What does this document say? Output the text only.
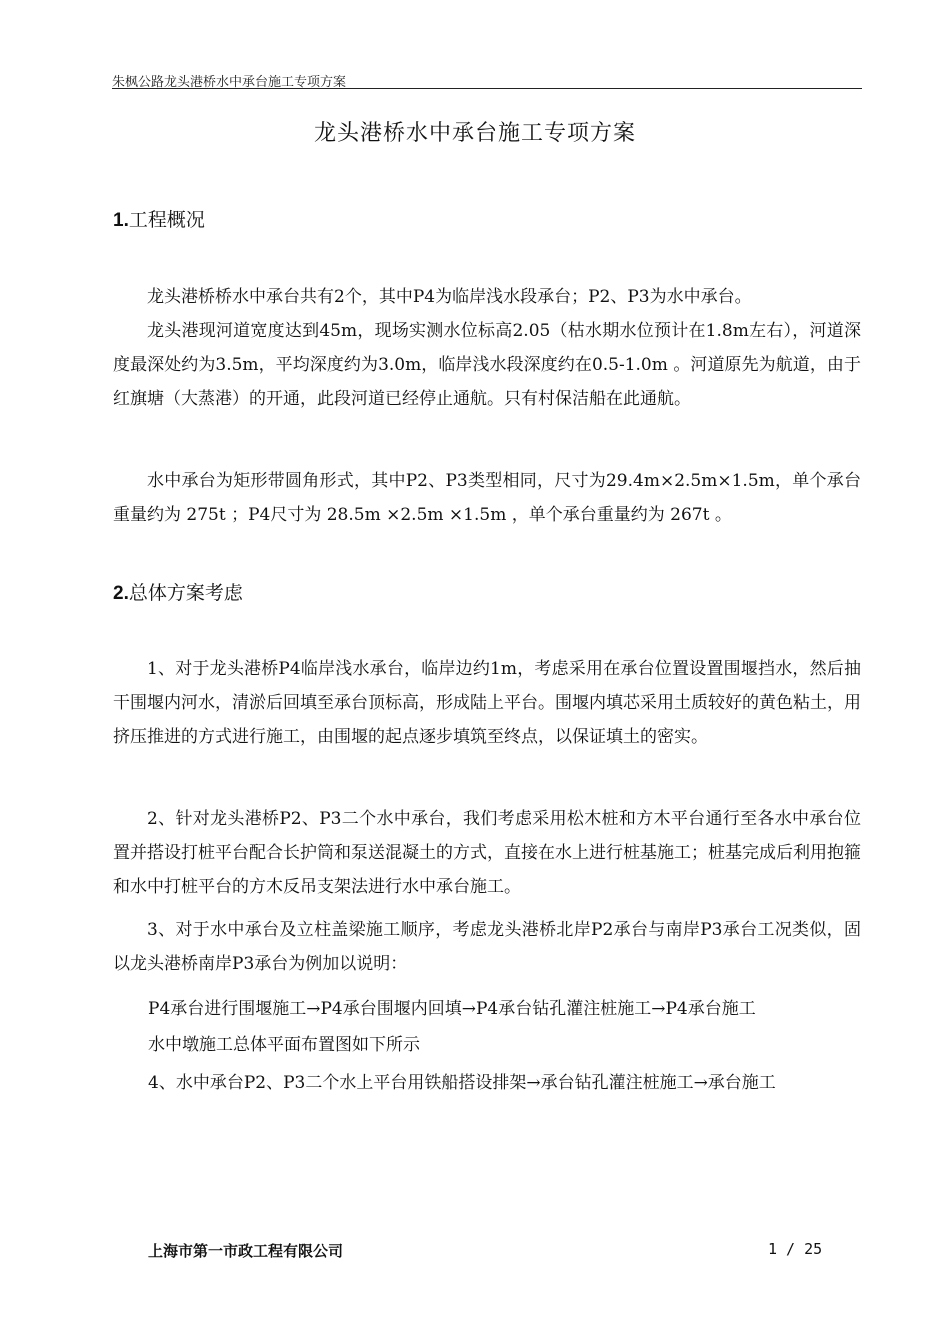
朱枫公路龙头港桥水中承台施工专项方案
龙头港桥水中承台施工专项方案
1.工程概况

龙头港桥桥水中承台共有2个，其中P4为临岸浅水段承台；P2、P3为水中承台。

龙头港现河道宽度达到45m，现场实测水位标高2.05（枯水期水位预计在1.8m左右），河道深度最深处约为3.5m，平均深度约为3.0m，临岸浅水段深度约在0.5-1.0m 。河道原先为航道，由于红旗塘（大蒸港）的开通，此段河道已经停止通航。只有村保洁船在此通航。

水中承台为矩形带圆角形式，其中P2、P3类型相同，尺寸为29.4m×2.5m×1.5m，单个承台重量约为 275t ；P4尺寸为 28.5m ×2.5m ×1.5m ，单个承台重量约为 267t 。

2.总体方案考虑

1、对于龙头港桥P4临岸浅水承台，临岸边约1m，考虑采用在承台位置设置围堰挡水，然后抽干围堰内河水，清淤后回填至承台顶标高，形成陆上平台。围堰内填芯采用土质较好的黄色粘土，用挤压推进的方式进行施工，由围堰的起点逐步填筑至终点，以保证填土的密实。

2、针对龙头港桥P2、P3二个水中承台，我们考虑采用松木桩和方木平台通行至各水中承台位置并搭设打桩平台配合长护筒和泵送混凝土的方式，直接在水上进行桩基施工；桩基完成后利用抱箍和水中打桩平台的方木反吊支架法进行水中承台施工。

3、对于水中承台及立柱盖梁施工顺序，考虑龙头港桥北岸P2承台与南岸P3承台工况类似，固以龙头港桥南岸P3承台为例加以说明：

P4承台进行围堰施工→P4承台围堰内回填→P4承台钻孔灌注桩施工→P4承台施工
水中墩施工总体平面布置图如下所示
4、水中承台P2、P3二个水上平台用铁船搭设排架→承台钻孔灌注桩施工→承台施工
上海市第一市政工程有限公司	1 / 25
